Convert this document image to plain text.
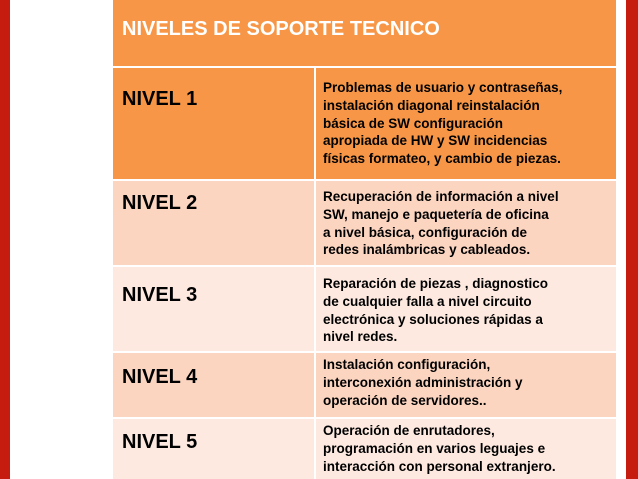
NIVELES DE SOPORTE TECNICO
NIVEL 1
Problemas de usuario y contraseñas,
instalación diagonal reinstalación
básica de SW configuración
apropiada de HW y SW incidencias
físicas formateo, y cambio de piezas.
NIVEL 2	Recuperación de información a nivel
SW, manejo e paquetería de oficina
a nivel básica, configuración de
redes inalámbricas y cableados.
NIVEL 3
Reparación de piezas , diagnostico
de cualquier falla a nivel circuito
electrónica y soluciones rápidas a
nivel redes.
NIVEL 4
Instalación configuración,
interconexión administración y
operación de servidores..
NIVEL 5
Operación de enrutadores,
programación en varios leguajes e
interacción con personal extranjero.
